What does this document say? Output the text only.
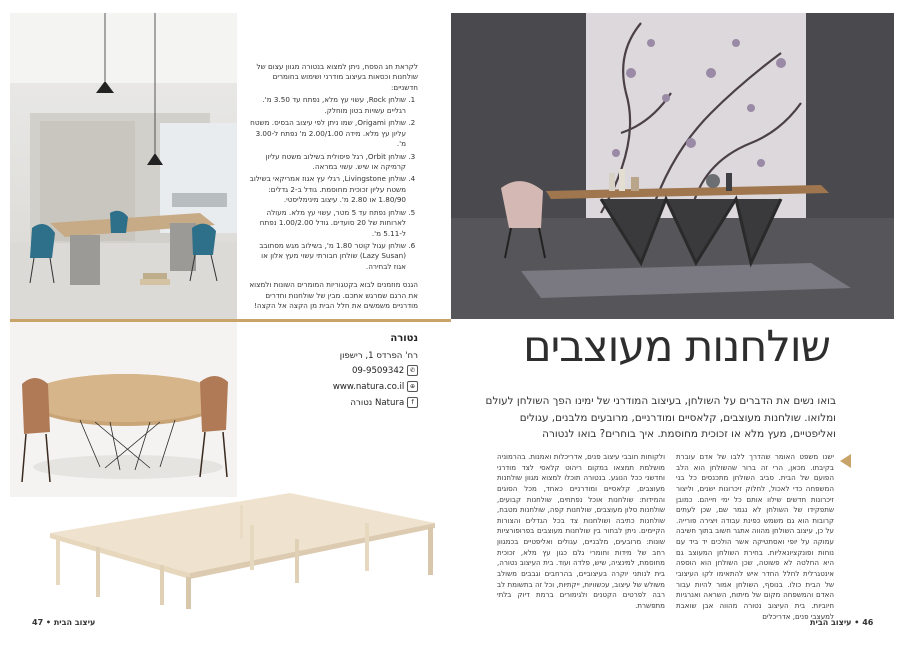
לקראת חג הפסח, ניתן למצוא בנטורה מגוון עצום של שולחנות וכסאות בעיצוב מודרני ושימוש בחומרים חדשניים:

1. שולחן Rock, עשוי עץ מלא, נפתח עד 3.50 מ'. רגליים עשויות בטון מוחלק.
2. שולחן Origami, שמו ניתן לפי עיצוב הבסיס. משטח עליון עץ מלא. מידה 2.00/1.00 מ' נפתח ל-3.00 מ'.
3. שולחן Orbit, רגל פיסולית בשילוב משטח עליון קרמיקה או שיש. עשוי במראה.
4. שולחן Livingstone, רגלי עץ אגוז אמריקאי בשילוב משטח עליון זכוכית מחוסמת. גודל ב-2 גדלים: 1.80/90 או 2.80 מ'. עיצוב מינימליסטי.
5. שולחן נפתח עד 5 מטר, עשוי עץ מלא. מעולה לארוחות של 20 סועדים. גודל 1.00/2.00 נפתח ל-5.11 מ'.
6. שולחן עגול קוטר 1.80 מ', בשילוב מגש מסתובב (Lazy Susan) שולחן חבורתי עשוי מעץ אלון או אגוז לבחירה.

הגנס מוזמנים לבוא בקטגוריות המומרים השונות ולמצוא את הרגם שמרגש אתכם. מבין של שולחנות וחדרים מודרניים משמשים את חלל הבית מן הקצה אל הקצה!

נטורה
רח' הפרדס 1, רישפון
✆ 09-9509342
⊕ www.natura.co.il
f Natura נטורה
עיצוב הבית • 47
שולחנות מעוצבים
בואו נשים את הדברים על השולחן, בעיצוב המודרני של ימינו הפך השולחן לעולם ומלואו. שולחנות מעוצבים, קלאסיים ומודרניים, מרובעים מלבנים, עגולים ואליפטיים, מעץ מלא או זכוכית מחוסמת. איך בוחרים? בואו לנטורה
ישנו משפט האומר שהדרך ללבו של אדם עוברת בקיבתו. מכאן, הרי זה ברור שהשולחן הוא הלב הפועם של הבית. סביב השולחן מתכנסים כל בני המשפחה כדי לאכול, לחלוק זיכרונות ישנים, וליצור זיכרונות חדשים שילוו אותם כל ימי חייהם. כמובן שתפקידו של השולחן לא נגמר שם, שכן לעתים קרובות הוא גם משמש כפינת עבודה ויצירה פורייה. על כן, עיצוב השולחן מהווה אתגר חשוב בתוך חשיבה עמוקה על יופי ואסתטיקה אשר הולכים יד ביד עם נוחות ופונקציונאליות. בחירת השולחן המעוצב גם היא החלטה לא פשוטה, שכן השולחן הוא הוספה אינטגרלית לחלל החדר איש להתאימו לקו העיצובי של הבית כולו. בנוסף, השולחן אמור להיות עבור האדם והמשפחה מקום של מיתוח, השראה ואנרגיות חיוביות. בית העיצוב נטורה מהווה אבן שואבת למעצבי פנים, אדריכלים
ולקוחות חובבי עיצוב פנים, אדריכלות ואמנות. בהרמוניה מושלמת תמצאו במקום ריהוט קלאסי לצד מודרני וחדשני ככל הנוגע. בנטורה תוכלו למצוא מגוון שולחנות מעוצבים, קלאסיים ומודרניים כאחד, מכל הסוגים והמידות: שולחנות אוכל נפתחים, שולחנות קבועים, שולחנות סלון מעוצבים, שולחנות קפה, שולחנות מטבח, שולחנות כתיבה ושולחנות צד בכל הגדלים והצורות הקיימים. ניתן לבחור בין שולחנות מעוצבים בפרופורציות שונות: מרובעים, מלבניים, עגולים ואליפטיים בכמגוון רחב של מידות וחומרי גלם כגון עץ מלא, זכוכית מחוסמת, למינציה, שיש, פלדה ועוד. בית העיצוב נטורה, בית לנותני יוקרה בעיצוביים, בהרחבים וגבבים משולב משולש של עיצוב, עכשוויות, ייקתיות, וכל זה בתשומת לב רבה לפרטים הקטנים ולגימורים ברמת דיוק בלתי מתפשרת.
46 • עיצוב הבית
